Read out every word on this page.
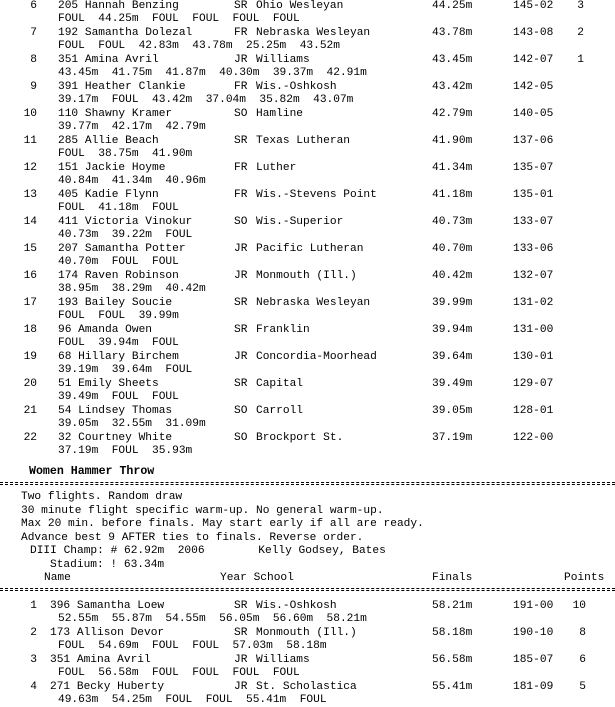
6 205 Hannah Benzing	SR Ohio Wesleyan	44.25m	145-02 3
FOUL  44.25m  FOUL  FOUL  FOUL  FOUL
7 192 Samantha Dolezal	FR Nebraska Wesleyan	43.78m	143-08 2
FOUL  FOUL  42.83m  43.78m  25.25m  43.52m
8 351 Amina Avril	JR Williams	43.45m	142-07 1
43.45m  41.75m  41.87m  40.30m  39.37m  42.91m
9 391 Heather Clankie	FR Wis.-Oshkosh	43.42m	142-05
39.17m  FOUL  43.42m  37.04m  35.82m  43.07m
10 110 Shawny Kramer	SO Hamline	42.79m	140-05
39.77m  42.17m  42.79m
11 285 Allie Beach	SR Texas Lutheran	41.90m	137-06
FOUL  38.75m  41.90m
12 151 Jackie Hoyme	FR Luther	41.34m	135-07
40.84m  41.34m  40.96m
13 405 Kadie Flynn	FR Wis.-Stevens Point	41.18m	135-01
FOUL  41.18m  FOUL
14 411 Victoria Vinokur	SO Wis.-Superior	40.73m	133-07
40.73m  39.22m  FOUL
15 207 Samantha Potter	JR Pacific Lutheran	40.70m	133-06
40.70m  FOUL  FOUL
16 174 Raven Robinson	JR Monmouth (Ill.)	40.42m	132-07
38.95m  38.29m  40.42m
17 193 Bailey Soucie	SR Nebraska Wesleyan	39.99m	131-02
FOUL  FOUL  39.99m
18 96 Amanda Owen	SR Franklin	39.94m	131-00
FOUL  39.94m  FOUL
19 68 Hillary Birchem	JR Concordia-Moorhead	39.64m	130-01
39.19m  39.64m  FOUL
20 51 Emily Sheets	SR Capital	39.49m	129-07
39.49m  FOUL  FOUL
21 54 Lindsey Thomas	SO Carroll	39.05m	128-01
39.05m  32.55m  31.09m
22 32 Courtney White	SO Brockport St.	37.19m	122-00
37.19m  FOUL  35.93m
Women Hammer Throw
Two flights. Random draw
30 minute flight specific warm-up. No general warm-up.
Max 20 min. before finals. May start early if all are ready.
Advance best 9 AFTER ties to finals. Reverse order.
DIII Champ: # 62.92m  2006        Kelly Godsey, Bates
Stadium: ! 63.34m
Name	Year School	Finals	Points
1 396 Samantha Loew	SR Wis.-Oshkosh	58.21m	191-00 10
52.55m  55.87m  54.55m  56.05m  56.60m  58.21m
2 173 Allison Devor	SR Monmouth (Ill.)	58.18m	190-10 8
FOUL  54.69m  FOUL  FOUL  57.03m  58.18m
3 351 Amina Avril	JR Williams	56.58m	185-07 6
FOUL  56.58m  FOUL  FOUL  FOUL  FOUL
4 271 Becky Huberty	JR St. Scholastica	55.41m	181-09 5
49.63m  54.25m  FOUL  FOUL  55.41m  FOUL
